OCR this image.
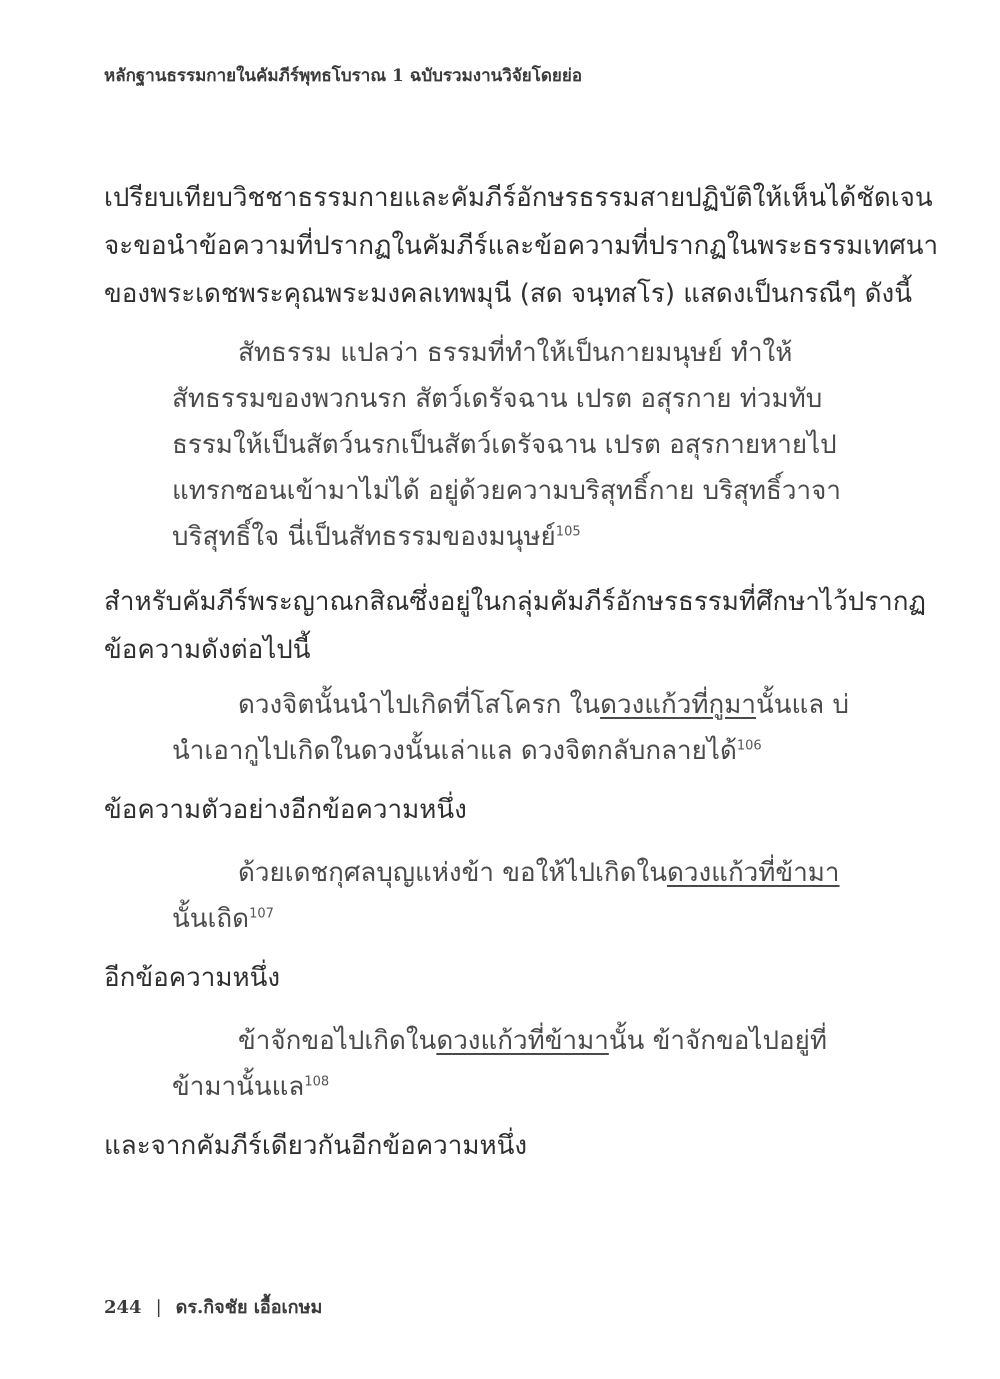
หลักฐานธรรมกายในคัมภีร์พุทธโบราณ 1 ฉบับรวมงานวิจัยโดยย่อ
เปรียบเทียบวิชชาธรรมกายและคัมภีร์อักษรธรรมสายปฏิบัติให้เห็นได้ชัดเจน
จะขอนำข้อความที่ปรากฏในคัมภีร์และข้อความที่ปรากฏในพระธรรมเทศนา
ของพระเดชพระคุณพระมงคลเทพมุนี (สด จนฺทสโร) แสดงเป็นกรณีๆ ดังนี้
สัทธรรม แปลว่า ธรรมที่ทำให้เป็นกายมนุษย์ ทำให้
สัทธรรมของพวกนรก สัตว์เดรัจฉาน เปรต อสุรกาย ท่วมทับ
ธรรมให้เป็นสัตว์นรกเป็นสัตว์เดรัจฉาน เปรต อสุรกายหายไป
แทรกซอนเข้ามาไม่ได้ อยู่ด้วยความบริสุทธิ์กาย บริสุทธิ์วาจา
บริสุทธิ์ใจ นี่เป็นสัทธรรมของมนุษย์$^{105}$
สำหรับคัมภีร์พระญาณกสิณซึ่งอยู่ในกลุ่มคัมภีร์อักษรธรรมที่ศึกษาไว้ปรากฏ
ข้อความดังต่อไปนี้
ดวงจิตนั้นนำไปเกิดที่โสโครก ในดวงแก้วที่กูมานั้นแล บ่
นำเอากูไปเกิดในดวงนั้นเล่าแล ดวงจิตกลับกลายได้$^{106}$
ข้อความตัวอย่างอีกข้อความหนึ่ง
ด้วยเดชกุศลบุญแห่งข้า ขอให้ไปเกิดในดวงแก้วที่ข้ามา
นั้นเถิด$^{107}$
อีกข้อความหนึ่ง
ข้าจักขอไปเกิดในดวงแก้วที่ข้ามานั้น ข้าจักขอไปอยู่ที่
ข้ามานั้นแล$^{108}$
และจากคัมภีร์เดียวกันอีกข้อความหนึ่ง
244 | ดร.กิจชัย เอื้อเกษม
